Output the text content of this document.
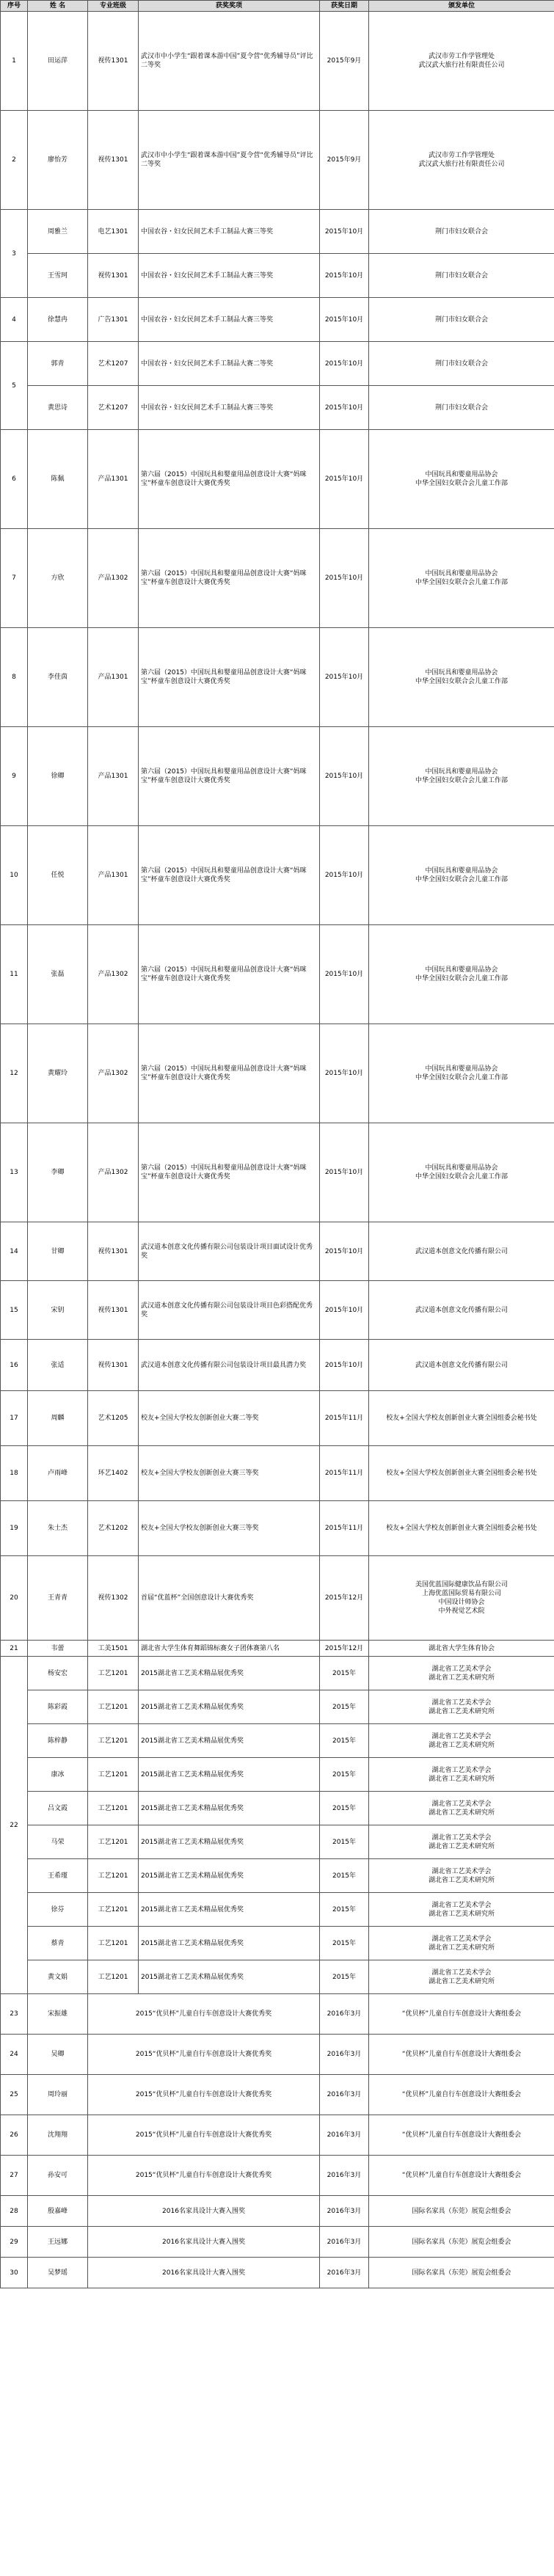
序号	姓 名	专业班级	获奖奖项	获奖日期	颁发单位

1	田运萍	视传1301	武汉市中小学生“跟着课本游中国”夏令营“优秀辅导员”评比二等奖	2015年9月	武汉市劳工作学管理处
武汉武大旅行社有限责任公司

2	廖怡芳	视传1301	武汉市中小学生“跟着课本游中国”夏令营“优秀辅导员”评比二等奖	2015年9月	武汉市劳工作学管理处
武汉武大旅行社有限责任公司

3	周雅兰	电艺1301	中国农谷・妇女民间艺术手工制品大赛三等奖	2015年10月	荆门市妇女联合会

	王雪珂	视传1301	中国农谷・妇女民间艺术手工制品大赛三等奖	2015年10月	荆门市妇女联合会

4	徐慧冉	广告1301	中国农谷・妇女民间艺术手工制品大赛三等奖	2015年10月	荆门市妇女联合会

5	郭青	艺术1207	中国农谷・妇女民间艺术手工制品大赛二等奖	2015年10月	荆门市妇女联合会

	黄思诗	艺术1207	中国农谷・妇女民间艺术手工制品大赛三等奖	2015年10月	荆门市妇女联合会

6	陈佩	产品1301	第六届（2015）中国玩具和婴童用品创意设计大赛“妈咪宝”杯童车创意设计大赛优秀奖	2015年10月	中国玩具和婴童用品协会
中华全国妇女联合会儿童工作部

7	方欣	产品1302	第六届（2015）中国玩具和婴童用品创意设计大赛“妈咪宝”杯童车创意设计大赛优秀奖	2015年10月	中国玩具和婴童用品协会
中华全国妇女联合会儿童工作部

8	李佳茵	产品1301	第六届（2015）中国玩具和婴童用品创意设计大赛“妈咪宝”杯童车创意设计大赛优秀奖	2015年10月	中国玩具和婴童用品协会
中华全国妇女联合会儿童工作部

9	徐卿	产品1301	第六届（2015）中国玩具和婴童用品创意设计大赛“妈咪宝”杯童车创意设计大赛优秀奖	2015年10月	中国玩具和婴童用品协会
中华全国妇女联合会儿童工作部

10	任悦	产品1301	第六届（2015）中国玩具和婴童用品创意设计大赛“妈咪宝”杯童车创意设计大赛优秀奖	2015年10月	中国玩具和婴童用品协会
中华全国妇女联合会儿童工作部

11	张磊	产品1302	第六届（2015）中国玩具和婴童用品创意设计大赛“妈咪宝”杯童车创意设计大赛优秀奖	2015年10月	中国玩具和婴童用品协会
中华全国妇女联合会儿童工作部

12	黄耀玲	产品1302	第六届（2015）中国玩具和婴童用品创意设计大赛“妈咪宝”杯童车创意设计大赛优秀奖	2015年10月	中国玩具和婴童用品协会
中华全国妇女联合会儿童工作部

13	李卿	产品1302	第六届（2015）中国玩具和婴童用品创意设计大赛“妈咪宝”杯童车创意设计大赛优秀奖	2015年10月	中国玩具和婴童用品协会
中华全国妇女联合会儿童工作部

14	甘卿	视传1301	武汉道本创意文化传播有限公司包装设计项目面试设计优秀奖	2015年10月	武汉道本创意文化传播有限公司

15	宋钥	视传1301	武汉道本创意文化传播有限公司包装设计项目色彩搭配优秀奖	2015年10月	武汉道本创意文化传播有限公司

16	张适	视传1301	武汉道本创意文化传播有限公司包装设计项目最具潜力奖	2015年10月	武汉道本创意文化传播有限公司

17	周麟	艺术1205	校友+全国大学校友创新创业大赛二等奖	2015年11月	校友+全国大学校友创新创业大赛全国组委会秘书处

18	卢雨峰	环艺1402	校友+全国大学校友创新创业大赛三等奖	2015年11月	校友+全国大学校友创新创业大赛全国组委会秘书处

19	朱士杰	艺术1202	校友+全国大学校友创新创业大赛三等奖	2015年11月	校友+全国大学校友创新创业大赛全国组委会秘书处

20	王青青	视传1302	首届“优蓝杯”全国创意设计大赛优秀奖	2015年12月	美国优蓝国际健康饮品有限公司
上海优蓝国际贸易有限公司
中国设计师协会
中外视觉艺术院

21	韦蕾	工美1501	湖北省大学生体育舞蹈锦标赛女子团体赛第八名	2015年12月	湖北省大学生体育协会

22	杨安宏	工艺1201	2015湖北省工艺美术精品展优秀奖	2015年	湖北省工艺美术学会
湖北省工艺美术研究所

	陈彩霞	工艺1201	2015湖北省工艺美术精品展优秀奖	2015年	湖北省工艺美术学会
湖北省工艺美术研究所

	陈梓静	工艺1201	2015湖北省工艺美术精品展优秀奖	2015年	湖北省工艺美术学会
湖北省工艺美术研究所

	康冰	工艺1201	2015湖北省工艺美术精品展优秀奖	2015年	湖北省工艺美术学会
湖北省工艺美术研究所

	吕文霞	工艺1201	2015湖北省工艺美术精品展优秀奖	2015年	湖北省工艺美术学会
湖北省工艺美术研究所

	马荣	工艺1201	2015湖北省工艺美术精品展优秀奖	2015年	湖北省工艺美术学会
湖北省工艺美术研究所

	王希瑾	工艺1201	2015湖北省工艺美术精品展优秀奖	2015年	湖北省工艺美术学会
湖北省工艺美术研究所

	徐芬	工艺1201	2015湖北省工艺美术精品展优秀奖	2015年	湖北省工艺美术学会
湖北省工艺美术研究所

	蔡青	工艺1201	2015湖北省工艺美术精品展优秀奖	2015年	湖北省工艺美术学会
湖北省工艺美术研究所

	黄文娟	工艺1201	2015湖北省工艺美术精品展优秀奖	2015年	湖北省工艺美术学会
湖北省工艺美术研究所

23	宋振雄	2015“优贝杯”儿童自行车创意设计大赛优秀奖		2016年3月	“优贝杯”儿童自行车创意设计大赛组委会

24	吴卿	2015“优贝杯”儿童自行车创意设计大赛优秀奖		2016年3月	“优贝杯”儿童自行车创意设计大赛组委会

25	周玲丽	2015“优贝杯”儿童自行车创意设计大赛优秀奖		2016年3月	“优贝杯”儿童自行车创意设计大赛组委会

26	沈翔翔	2015“优贝杯”儿童自行车创意设计大赛优秀奖		2016年3月	“优贝杯”儿童自行车创意设计大赛组委会

27	孙安可	2015“优贝杯”儿童自行车创意设计大赛优秀奖		2016年3月	“优贝杯”儿童自行车创意设计大赛组委会

28	殷嘉峰	2016名家具设计大赛入围奖		2016年3月	国际名家具（东莞）展览会组委会

29	王远娜	2016名家具设计大赛入围奖		2016年3月	国际名家具（东莞）展览会组委会

30	吴梦瑶	2016名家具设计大赛入围奖		2016年3月	国际名家具（东莞）展览会组委会
